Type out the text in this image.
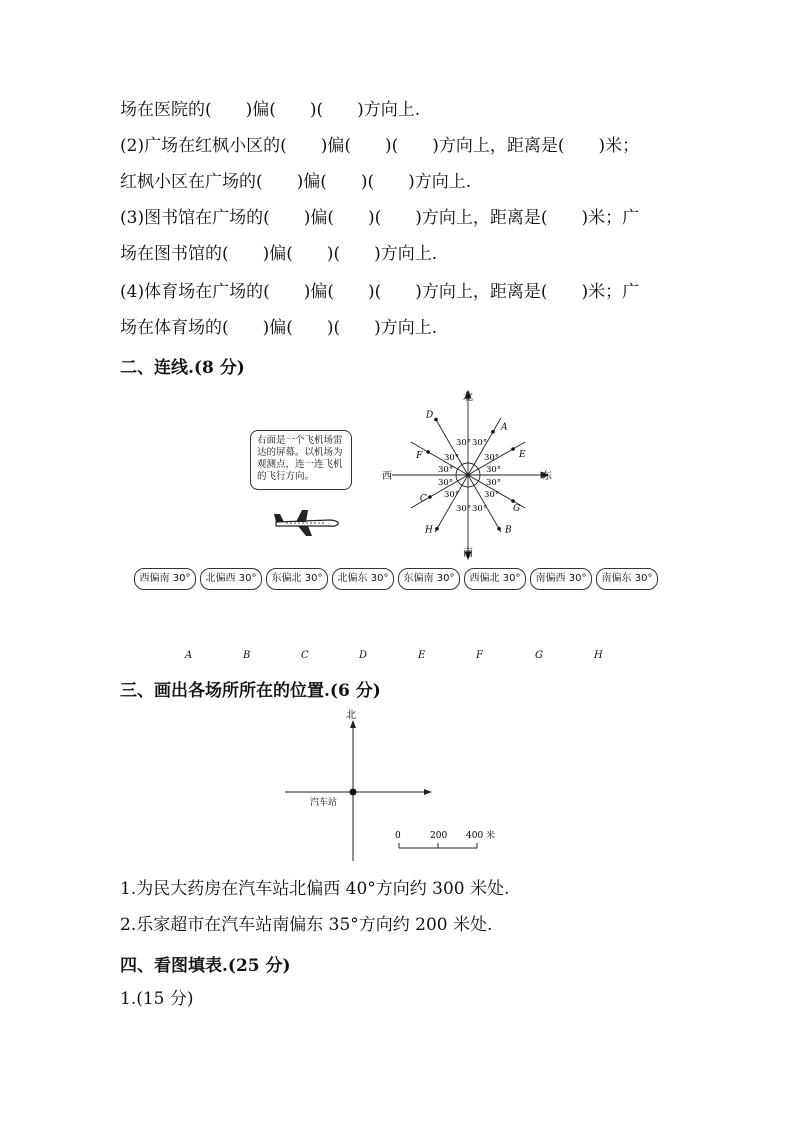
场在医院的(　　)偏(　　)(　　)方向上.
(2)广场在红枫小区的(　　)偏(　　)(　　)方向上，距离是(　　)米；
红枫小区在广场的(　　)偏(　　)(　　)方向上.
(3)图书馆在广场的(　　)偏(　　)(　　)方向上，距离是(　　)米；广
场在图书馆的(　　)偏(　　)(　　)方向上.
(4)体育场在广场的(　　)偏(　　)(　　)方向上，距离是(　　)米；广
场在体育场的(　　)偏(　　)(　　)方向上.
二、连线.(8 分)
右面是一个飞机场雷达的屏幕。以机场为观测点，连一连飞机的飞行方向。
北
南
东
西
30° 30°
30°	30°
30°	30°
30°	30°
30°	30°
30° 30°
A
B
C
D
E
F
G
H
西偏南 30°	北偏西 30°	东偏北 30°	北偏东 30°	东偏南 30°	西偏北 30°	南偏西 30°	南偏东 30°
A	B	C	D	E	F	G	H
三、画出各场所所在的位置.(6 分)
北
汽车站
0	200 400 米
1.为民大药房在汽车站北偏西 40°方向约 300 米处.
2.乐家超市在汽车站南偏东 35°方向约 200 米处.
四、看图填表.(25 分)
1.(15 分)
